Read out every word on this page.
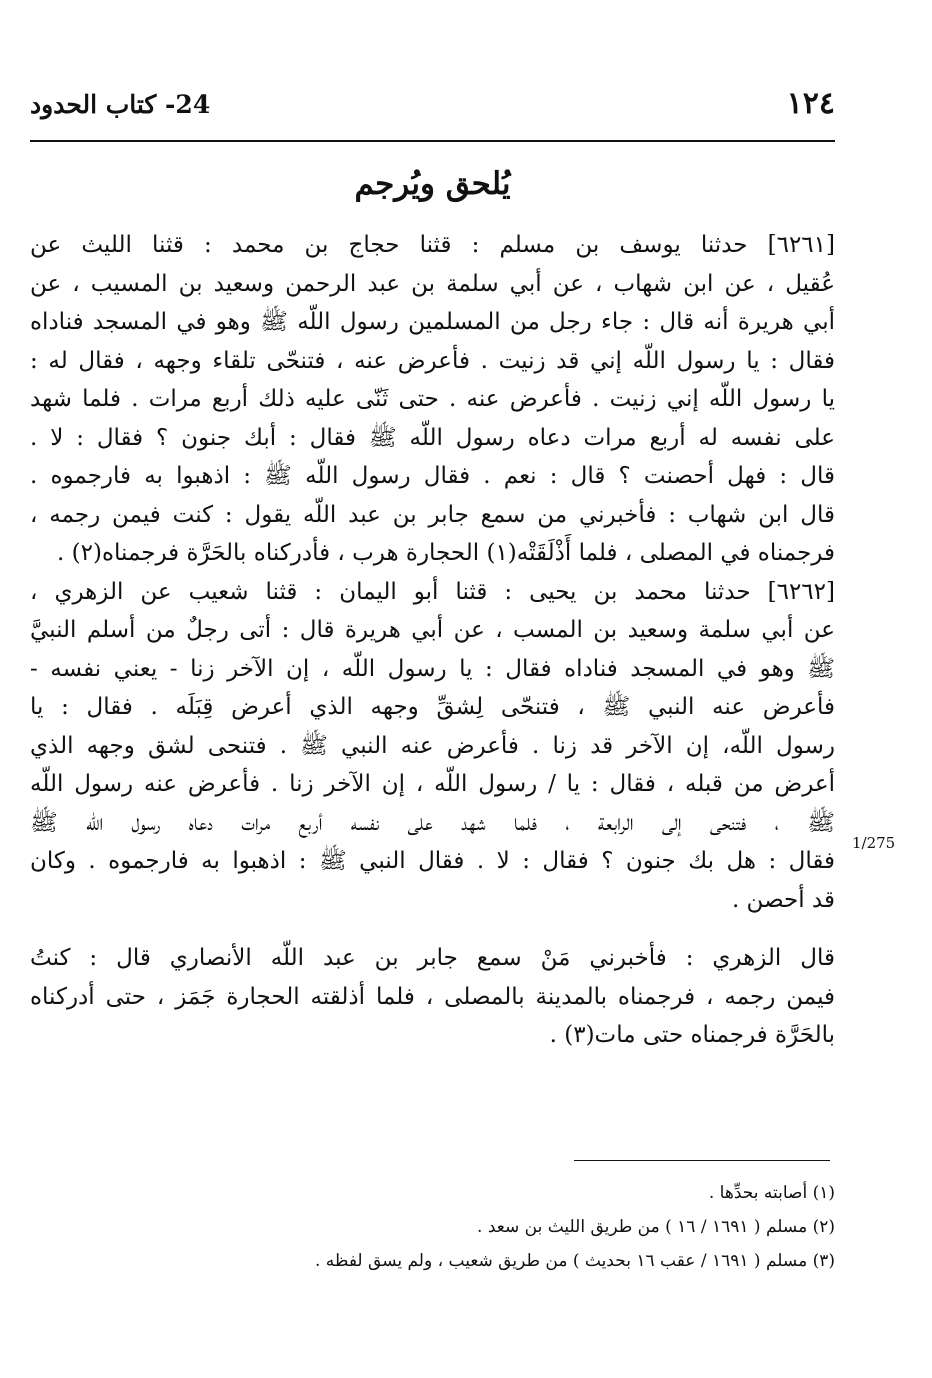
١٢٤
24- كتاب الحدود
يُلحق ويُرجم
[٦٢٦١] حدثنا يوسف بن مسلم : قثنا حجاج بن محمد : قثنا الليث عن
عُقيل ، عن ابن شهاب ، عن أبي سلمة بن عبد الرحمن وسعيد بن المسيب ، عن
أبي هريرة أنه قال : جاء رجل من المسلمين رسول اللّه ﷺ وهو في المسجد فناداه
فقال : يا رسول اللّه إني قد زنيت . فأعرض عنه ، فتنحّى تلقاء وجهه ، فقال له :
يا رسول اللّه إني زنيت . فأعرض عنه . حتى ثَنّى عليه ذلك أربع مرات . فلما شهد
على نفسه له أربع مرات دعاه رسول اللّه ﷺ فقال : أبك جنون ؟ فقال : لا .
قال : فهل أحصنت ؟ قال : نعم . فقال رسول اللّه ﷺ : اذهبوا به فارجموه .
قال ابن شهاب : فأخبرني من سمع جابر بن عبد اللّه يقول : كنت فيمن رجمه ،
فرجمناه في المصلى ، فلما أَذْلَقَتْه(١) الحجارة هرب ، فأدركناه بالحَرَّة فرجمناه(٢) .
[٦٢٦٢] حدثنا محمد بن يحيى : قثنا أبو اليمان : قثنا شعيب عن الزهري ،
عن أبي سلمة وسعيد بن المسب ، عن أبي هريرة قال : أتى رجلٌ من أسلم النبيَّ
ﷺ وهو في المسجد فناداه فقال : يا رسول اللّه ، إن الآخر زنا - يعني نفسه -
فأعرض عنه النبي ﷺ ، فتنحّى لِشقِّ وجهه الذي أعرض قِبَلَه . فقال : يا
رسول اللّه، إن الآخر قد زنا . فأعرض عنه النبي ﷺ . فتنحى لشق وجهه الذي
أعرض من قبله ، فقال : يا / رسول اللّه ، إن الآخر زنا . فأعرض عنه رسول اللّه
ﷺ ، فتنحى إلى الرابعة ، فلما شهد على نفسه أربع مرات دعاه رسول اللّه ﷺ
فقال : هل بك جنون ؟ فقال : لا . فقال النبي ﷺ : اذهبوا به فارجموه . وكان
قد أحصن .
قال الزهري : فأخبرني مَنْ سمع جابر بن عبد اللّه الأنصاري قال : كنتُ
فيمن رجمه ، فرجمناه بالمدينة بالمصلى ، فلما أذلقته الحجارة جَمَز ، حتى أدركناه
بالحَرَّة فرجمناه حتى مات(٣) .
1/275
(١) أصابته بحدِّها .
(٢) مسلم ( ١٦٩١ / ١٦ ) من طريق الليث بن سعد .
(٣) مسلم ( ١٦٩١ / عقب ١٦ بحديث ) من طريق شعيب ، ولم يسق لفظه .
